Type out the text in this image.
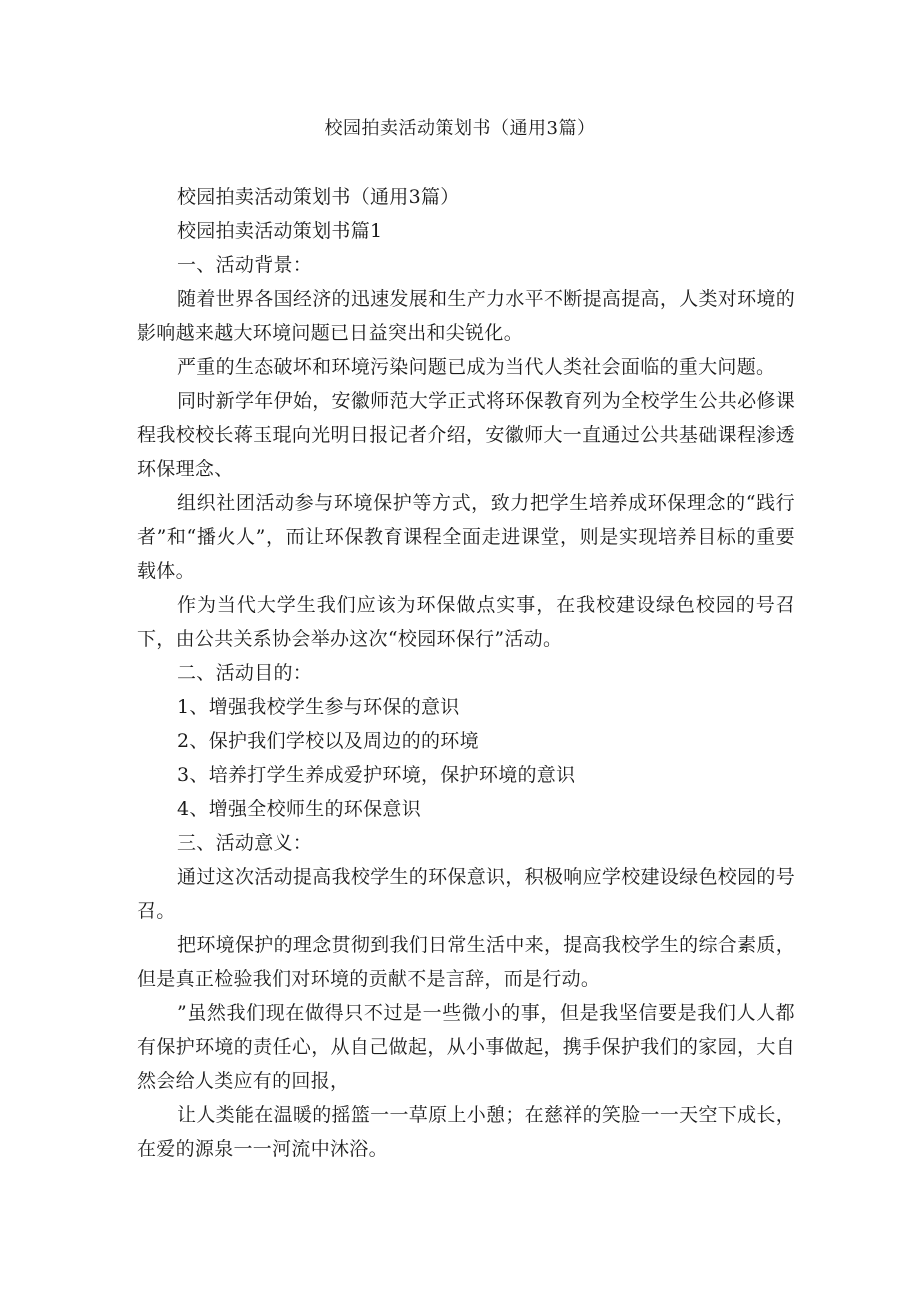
校园拍卖活动策划书（通用3篇）

校园拍卖活动策划书（通用3篇）

校园拍卖活动策划书篇1

一、活动背景：

随着世界各国经济的迅速发展和生产力水平不断提高提高，人类对环境的影响越来越大环境问题已日益突出和尖锐化。

严重的生态破坏和环境污染问题已成为当代人类社会面临的重大问题。

同时新学年伊始，安徽师范大学正式将环保教育列为全校学生公共必修课程我校校长蒋玉琨向光明日报记者介绍，安徽师大一直通过公共基础课程渗透环保理念、

组织社团活动参与环境保护等方式，致力把学生培养成环保理念的“践行者”和“播火人”，而让环保教育课程全面走进课堂，则是实现培养目标的重要载体。

作为当代大学生我们应该为环保做点实事，在我校建设绿色校园的号召下，由公共关系协会举办这次“校园环保行”活动。

二、活动目的：

1、增强我校学生参与环保的意识

2、保护我们学校以及周边的的环境

3、培养打学生养成爱护环境，保护环境的意识

4、增强全校师生的环保意识

三、活动意义：

通过这次活动提高我校学生的环保意识，积极响应学校建设绿色校园的号召。

把环境保护的理念贯彻到我们日常生活中来，提高我校学生的综合素质，但是真正检验我们对环境的贡献不是言辞，而是行动。

”虽然我们现在做得只不过是一些微小的事，但是我坚信要是我们人人都有保护环境的责任心，从自己做起，从小事做起，携手保护我们的家园，大自然会给人类应有的回报，

让人类能在温暖的摇篮一一草原上小憩；在慈祥的笑脸一一天空下成长，在爱的源泉一一河流中沐浴。
